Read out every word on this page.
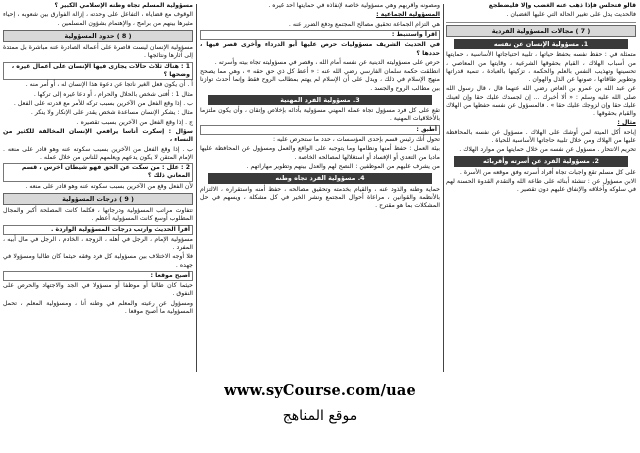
قالو فتحلس فإذا ذهب عنه الغضب وإلا فليضطجع

فالحديث يدل على تغيير الحالة التي عليها الغضبان .

( 7 ) مجالات المسؤولية الفردية
1. مسؤولية الإنسان عن نفسه

متمثلة في : حفظ نفسه بحفظ حياتها ، تلبية احتياجاتها الأساسية ، حمايتها من أسباب الهلاك ، القيام بحقوقها الشرعية ، وقايتها من المعاصي ، تحسينها وتهذيب النفس بالعلم والحكمة ، تزكيتها بالعبادة ، تنمية قدراتها وتطوير طاقاتها ، صونها عن الذل والهوان .

عن عبد الله بن عمرو بن العاص رضي الله عنهما قال ، قال رسول الله صلى الله عليه وسلم : « ألا أخبرك ... إن لجسدك عليك حقا وإن لعينك عليك حقا وإن لزوجك عليك حقا » . فالمسؤول عن نفسه حفظها من الهلاك والقيام بحقوقها .

مثال :

إباحة أكل الميتة لمن أوشك على الهلاك . مسؤول عن نفسه بالمحافظة عليها من الهلاك ومن خلال تلبية حاجاتها الأساسية للحياة .

تحريم الانتحار . مسؤول عن نفسه من خلال حمايتها من موارد الهلاك .

2. مسؤولية الفرد عن أسرته وأقربائه

على كل مسلم تقع واجبات تجاه أفراد أسرته وفق موقعه من الأسرة .

الابن مسؤول عن : تنشئة أبنائه على طاعة الله والتقدم القدوة الحسنة لهم في سلوكه وأخلاقه والإنفاق عليهم دون تقصير .

ومصونه وأقربهم وهي مسؤولية خاصة لإنفاذه في حمايتها أحد غيره .

المسؤولية الجماعية :

هي التزام الجماعة تحقيق مصالح المجتمع ودفع الضرر عنه .

اقرأ واستنبط :

في الحديث الشريف مسؤوليات حرص عليها أبو الدرداء وأخرى قصر فيها ، حددها ؟

حرص على مسؤوليته الدينية عن نفسه أمام الله ، وقصر في مسؤوليته تجاه بيته وأسرته .

انطلقت حكمة سلمان الفارسي رضي الله عنه : « أعط كل ذي حق حقه » ، وهي مما يصحح منهج الإسلام في ذلك ، ويدل على أن الإسلام لم يهتم بمطالب الروح فقط وإنما أحدث توازنا بين مطالب الروح والجسد .

3. مسؤولية الفرد المهنية

تقع على كل فرد مسؤول تجاه عمله المهني مسؤولية بأدائه بإخلاص وإتقان ، وأن يكون ملتزما بالأخلاقيات المهنية .

أطبق :

تحول أنك رئيس قسم بإحدى المؤسسات ، حدد ما ستحرص عليه :

بيئة العمل : حفظ أمنها ونظامها وما يتوجبه على الواقع والعمل ومسؤول عن المحافظة عليها ماديا من التعدي أو الإفساد أو استغلالها لمصالحه الخاصة .

من يشرف عليهم من الموظفين : النصح لهم والعدل بينهم وتطوير مهاراتهم .

4. مسؤولية الفرد تجاه وطنه

حماية وطنه والذود عنه ، والقيام بخدمته وتحقيق مصالحه ، حفظ أمنه واستقراره ، الالتزام بالأنظمة والقوانين ، مراعاة أحوال المجتمع ونشر الخير في كل مشكلة ، ويسهم في حل المشكلات بما هو مقترح .

مسؤولية المسلم تجاه وطنه الإسلامي الكبير ؟

الوقوف مع قضاياه ، التفاعل على وحدته ، إزالة الفوارق بين شعوبه ، إحياء مثيرها بينهم من برامج ، والإهتمام بشؤون المسلمين .

( 8 ) حدود المسؤولية

مسؤولية الإنسان ليست قاصرة على أعماله الصادرة عنه مباشرة بل ممتدة إلى آثارها ونتائجها .

1 : هناك ثلاث حالات يجازى فيها الإنسان على أعمال غيره ، وضحها ؟

أ . أن يكون فعل الغير ناتجا عن دعوة هذا الإنسان له ، أو أمر منه .

مثال 1 : أفتى شخص بالحلال والحرام ، أو دعا غيره إلى تركها .

ب . إذا وقع الفعل من الآخرين بسبب تركه للأمر مع قدرته على الفعل .

مثال : يشكر الإنسان مساعدة شخص يقدر على الإنكار ولا ينكر .

ج . إذا وقع الفعل من الآخرين بسبب تقصيره .

سؤال : إسكرت أناسا يرافعي الإنسان المخالفة للكثير من النساء ،

ب . إذا وقع الفعل من الآخرين بسبب سكوته عنه وهو قادر على منعه . الإمام المتقن لا يكون يدعهم ويعلمهم للناس من خلال عمله .

2 : علل : من سكت عن الحق فهو شيطان أخرس ، قسم المعاني ذلك ؟

لأن الفعل وقع من الآخرين بسبب سكوته عنه وهو قادر على منعه .

( 9 ) درجات المسؤولية

تتفاوت مراتب المسؤولية ودرجاتها ، فكلما كانت المصلحة أكبر والمجال المطلوب أوسع كانت المسؤولية أعظم .

أقرأ الحديث وارتب درجات المسؤولية الواردة .

مسؤولية الإمام ، الرجل في أهله ، الزوجة ، الخادم ، الرجل في مال أبيه ، المفرد .

فلا أوجه الاختلاف بين مسؤولية كل فرد وفقه حيثما كان طالبا ومسؤولا في جهده .

أصبح موقعا :

حيثما كان طالبا أو موظفا أو مسؤولا في الجد والاجتهاد والحرص على النفوق .

ومسؤول عن رعيته والمعلم في وطنه أنا ، ومسؤولية المعلم ، تحمل المسؤولية ما أصبح موقعا .

www.syCourse.com/uae
موقع المناهج
